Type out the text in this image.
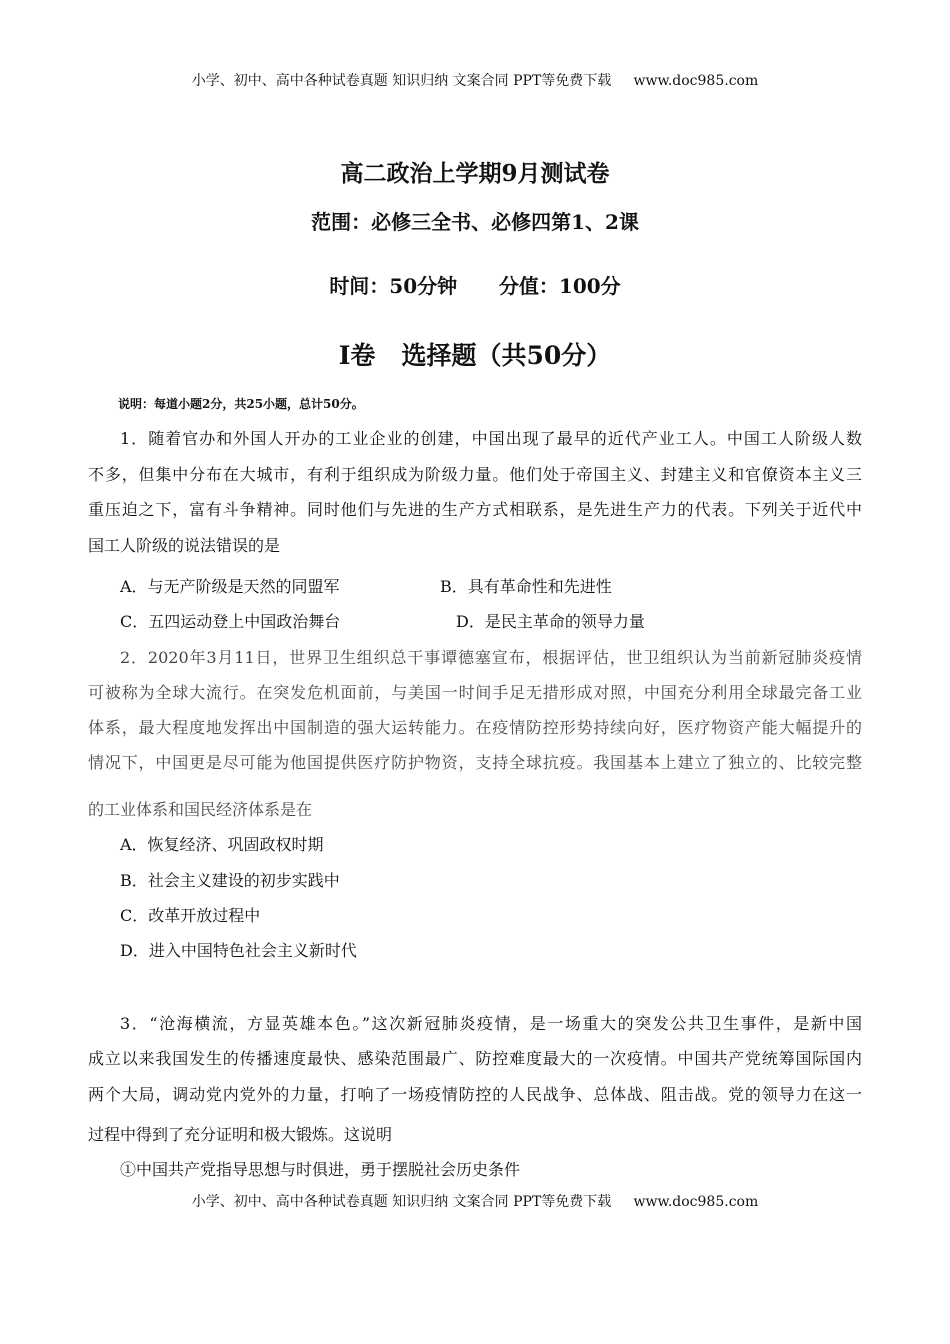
小学、初中、高中各种试卷真题 知识归纳 文案合同 PPT等免费下载 www.doc985.com
高二政治上学期9月测试卷
范围：必修三全书、必修四第1、2课
时间：50分钟      分值：100分
Ⅰ卷   选择题（共50分）
说明：每道小题2分，共25小题，总计50分。
1．随着官办和外国人开办的工业企业的创建，中国出现了最早的近代产业工人。中国工人阶级人数
不多，但集中分布在大城市，有利于组织成为阶级力量。他们处于帝国主义、封建主义和官僚资本主义三
重压迫之下，富有斗争精神。同时他们与先进的生产方式相联系，是先进生产力的代表。下列关于近代中
国工人阶级的说法错误的是
A．与无产阶级是天然的同盟军	B．具有革命性和先进性
C．五四运动登上中国政治舞台	D．是民主革命的领导力量
2．2020年3月11日，世界卫生组织总干事谭德塞宣布，根据评估，世卫组织认为当前新冠肺炎疫情
可被称为全球大流行。在突发危机面前，与美国一时间手足无措形成对照，中国充分利用全球最完备工业
体系，最大程度地发挥出中国制造的强大运转能力。在疫情防控形势持续向好，医疗物资产能大幅提升的
情况下，中国更是尽可能为他国提供医疗防护物资，支持全球抗疫。我国基本上建立了独立的、比较完整
的工业体系和国民经济体系是在
A．恢复经济、巩固政权时期
B．社会主义建设的初步实践中
C．改革开放过程中
D．进入中国特色社会主义新时代
3．“沧海横流，方显英雄本色。”这次新冠肺炎疫情，是一场重大的突发公共卫生事件，是新中国
成立以来我国发生的传播速度最快、感染范围最广、防控难度最大的一次疫情。中国共产党统筹国际国内
两个大局，调动党内党外的力量，打响了一场疫情防控的人民战争、总体战、阻击战。党的领导力在这一
过程中得到了充分证明和极大锻炼。这说明
①中国共产党指导思想与时俱进，勇于摆脱社会历史条件
小学、初中、高中各种试卷真题 知识归纳 文案合同 PPT等免费下载 www.doc985.com
